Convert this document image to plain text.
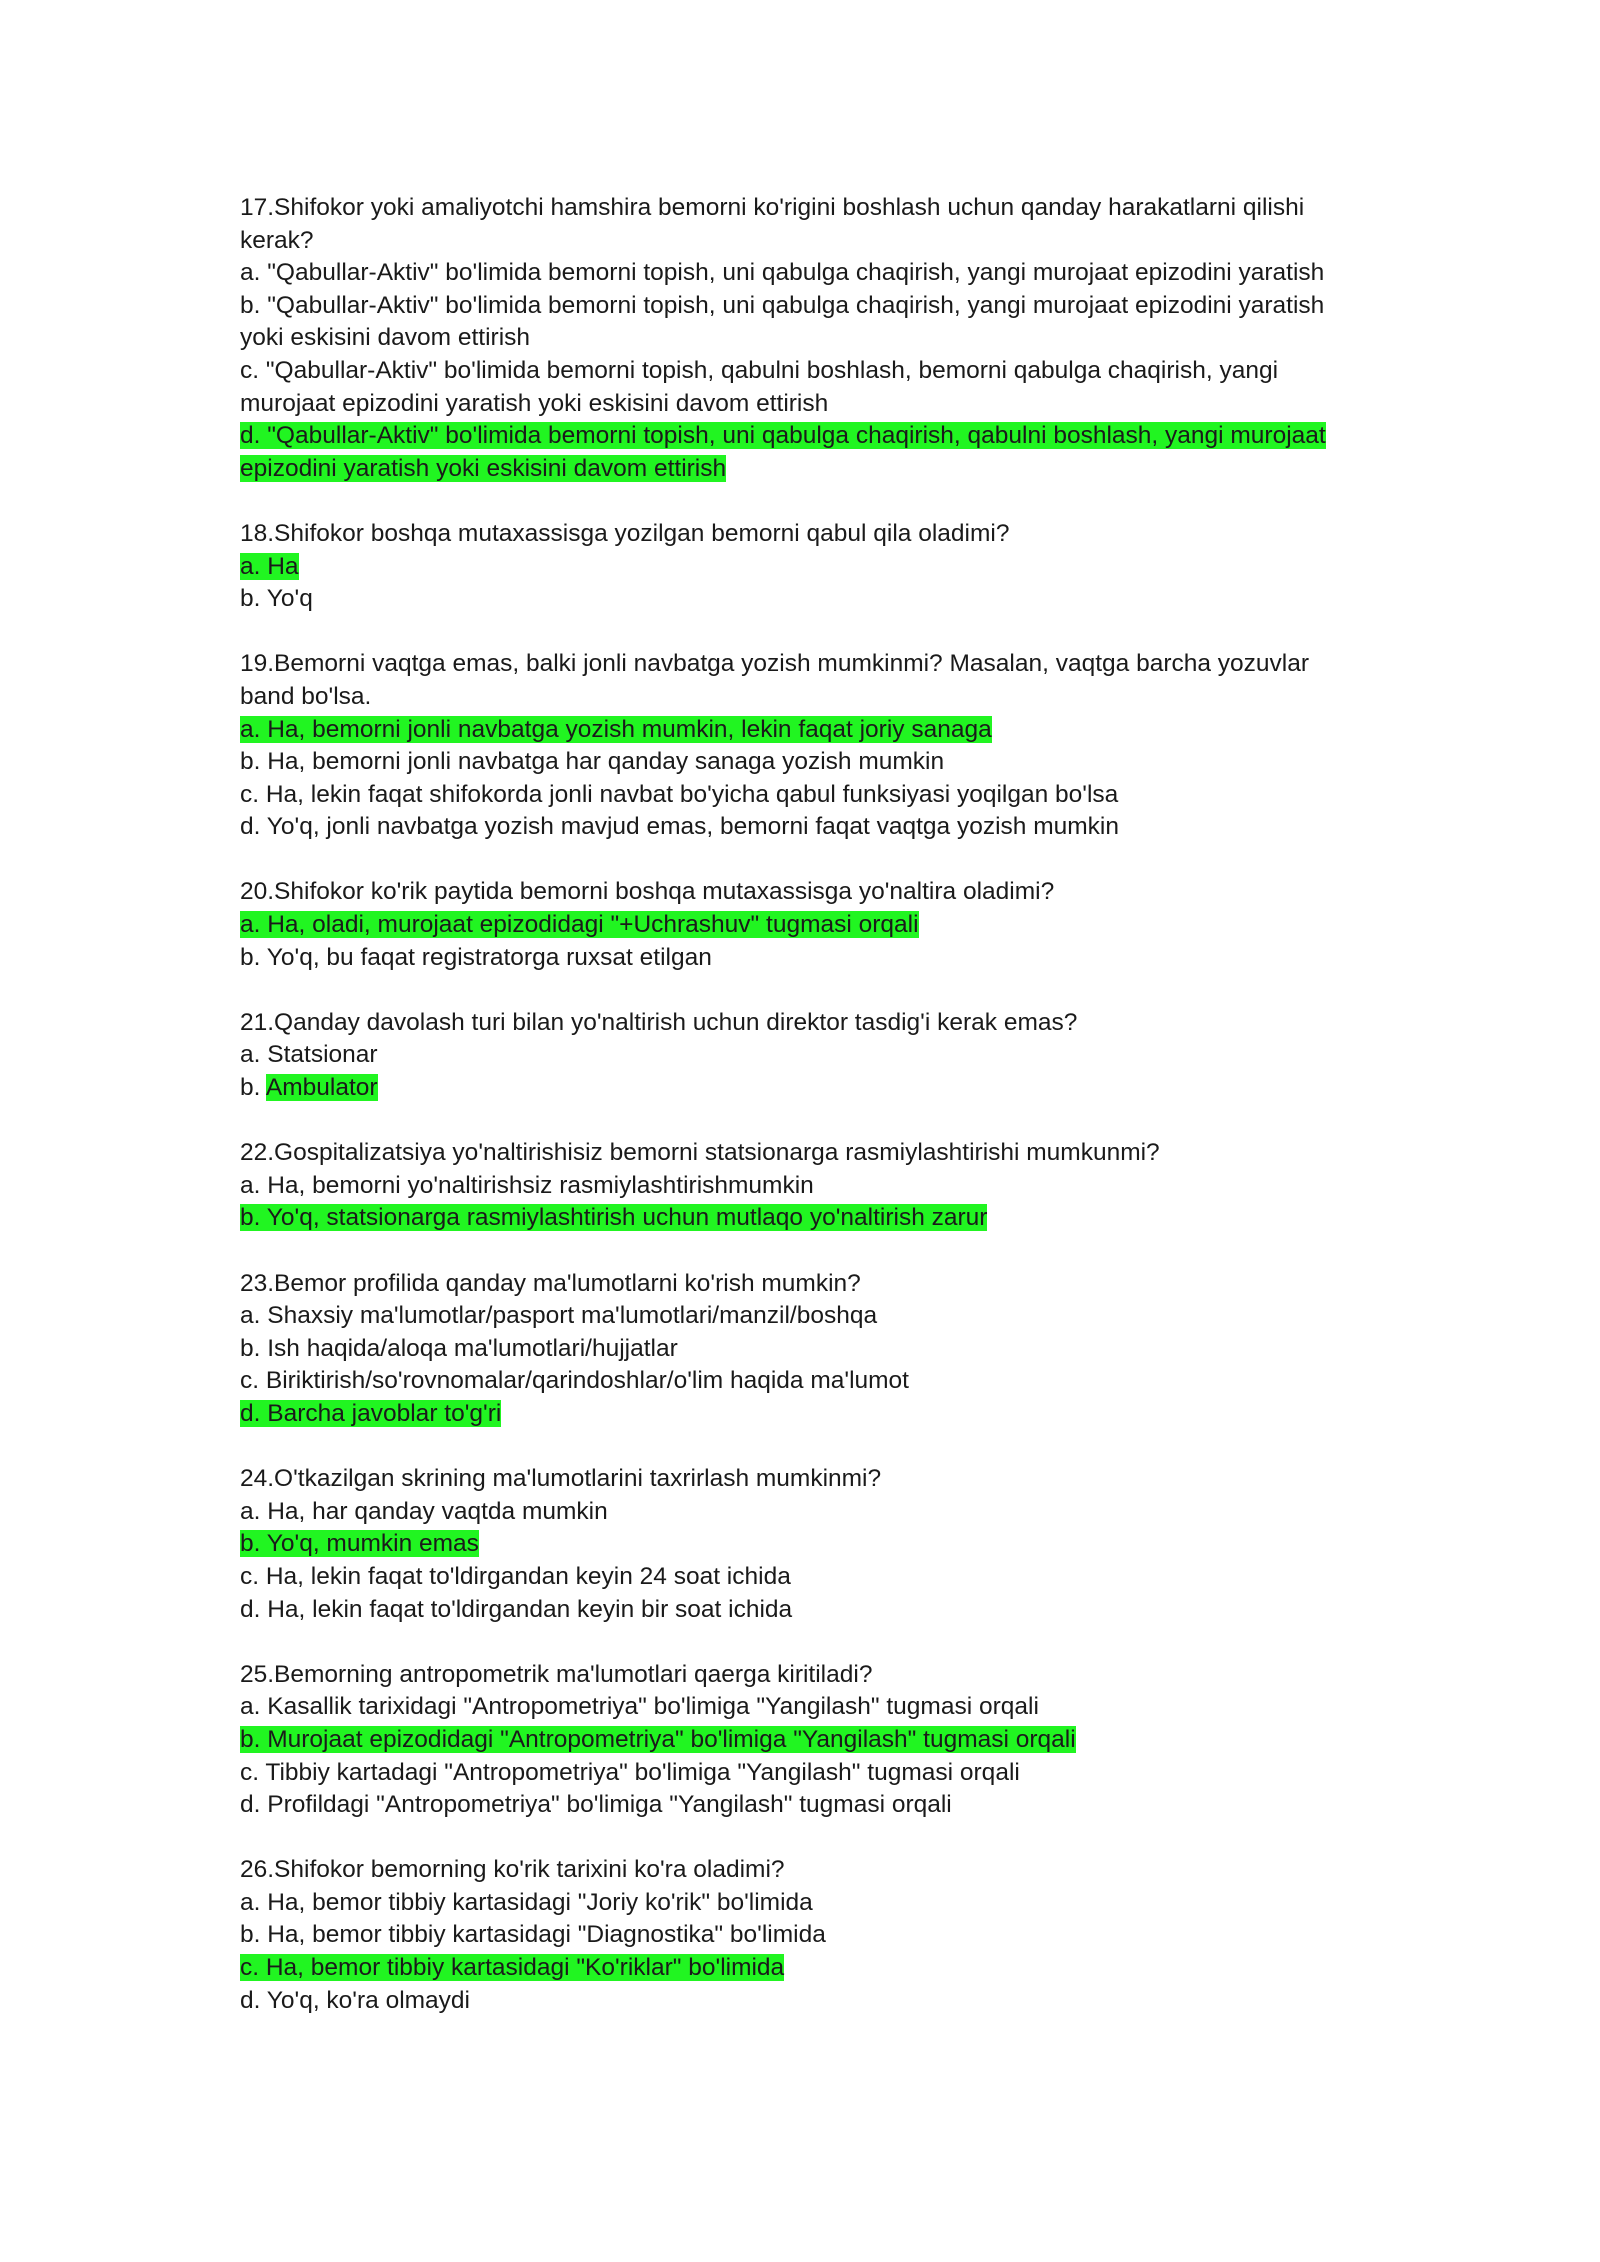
17.Shifokor yoki amaliyotchi hamshira bemorni ko'rigini boshlash uchun qanday harakatlarni qilishi kerak?

a. "Qabullar-Aktiv" bo'limida bemorni topish, uni qabulga chaqirish, yangi murojaat epizodini yaratish

b. "Qabullar-Aktiv" bo'limida bemorni topish, uni qabulga chaqirish, yangi murojaat epizodini yaratish yoki eskisini davom ettirish

c. "Qabullar-Aktiv" bo'limida bemorni topish, qabulni boshlash, bemorni qabulga chaqirish, yangi murojaat epizodini yaratish yoki eskisini davom ettirish

d. "Qabullar-Aktiv" bo'limida bemorni topish, uni qabulga chaqirish, qabulni boshlash, yangi murojaat epizodini yaratish yoki eskisini davom ettirish

18.Shifokor boshqa mutaxassisga yozilgan bemorni qabul qila oladimi?

a. Ha

b. Yo'q

19.Bemorni vaqtga emas, balki jonli navbatga yozish mumkinmi? Masalan, vaqtga barcha yozuvlar band bo'lsa.

a. Ha, bemorni jonli navbatga yozish mumkin, lekin faqat joriy sanaga

b. Ha, bemorni jonli navbatga har qanday sanaga yozish mumkin

c. Ha, lekin faqat shifokorda jonli navbat bo'yicha qabul funksiyasi yoqilgan bo'lsa

d. Yo'q, jonli navbatga yozish mavjud emas, bemorni faqat vaqtga yozish mumkin

20.Shifokor ko'rik paytida bemorni boshqa mutaxassisga yo'naltira oladimi?

a. Ha, oladi, murojaat epizodidagi "+Uchrashuv" tugmasi orqali

b. Yo'q, bu faqat registratorga ruxsat etilgan

21.Qanday davolash turi bilan yo'naltirish uchun direktor tasdig'i kerak emas?

a. Statsionar

b. Ambulator

22.Gospitalizatsiya yo'naltirishisiz bemorni statsionarga rasmiylashtirishi mumkunmi?

a. Ha, bemorni yo'naltirishsiz rasmiylashtirishmumkin

b. Yo'q, statsionarga rasmiylashtirish uchun mutlaqo yo'naltirish zarur

23.Bemor profilida qanday ma'lumotlarni ko'rish mumkin?

a. Shaxsiy ma'lumotlar/pasport ma'lumotlari/manzil/boshqa

b. Ish haqida/aloqa ma'lumotlari/hujjatlar

c. Biriktirish/so'rovnomalar/qarindoshlar/o'lim haqida ma'lumot

d. Barcha javoblar to'g'ri

24.O'tkazilgan skrining ma'lumotlarini taxrirlash mumkinmi?

a. Ha, har qanday vaqtda mumkin

b. Yo'q, mumkin emas

c. Ha, lekin faqat to'ldirgandan keyin 24 soat ichida

d. Ha, lekin faqat to'ldirgandan keyin bir soat ichida

25.Bemorning antropometrik ma'lumotlari qaerga kiritiladi?

a. Kasallik tarixidagi "Antropometriya" bo'limiga "Yangilash" tugmasi orqali

b. Murojaat epizodidagi "Antropometriya" bo'limiga "Yangilash" tugmasi orqali

c. Tibbiy kartadagi "Antropometriya" bo'limiga "Yangilash" tugmasi orqali

d. Profildagi "Antropometriya" bo'limiga "Yangilash" tugmasi orqali

26.Shifokor bemorning ko'rik tarixini ko'ra oladimi?

a. Ha, bemor tibbiy kartasidagi "Joriy ko'rik" bo'limida

b. Ha, bemor tibbiy kartasidagi "Diagnostika" bo'limida

c. Ha, bemor tibbiy kartasidagi "Ko'riklar" bo'limida

d. Yo'q, ko'ra olmaydi
